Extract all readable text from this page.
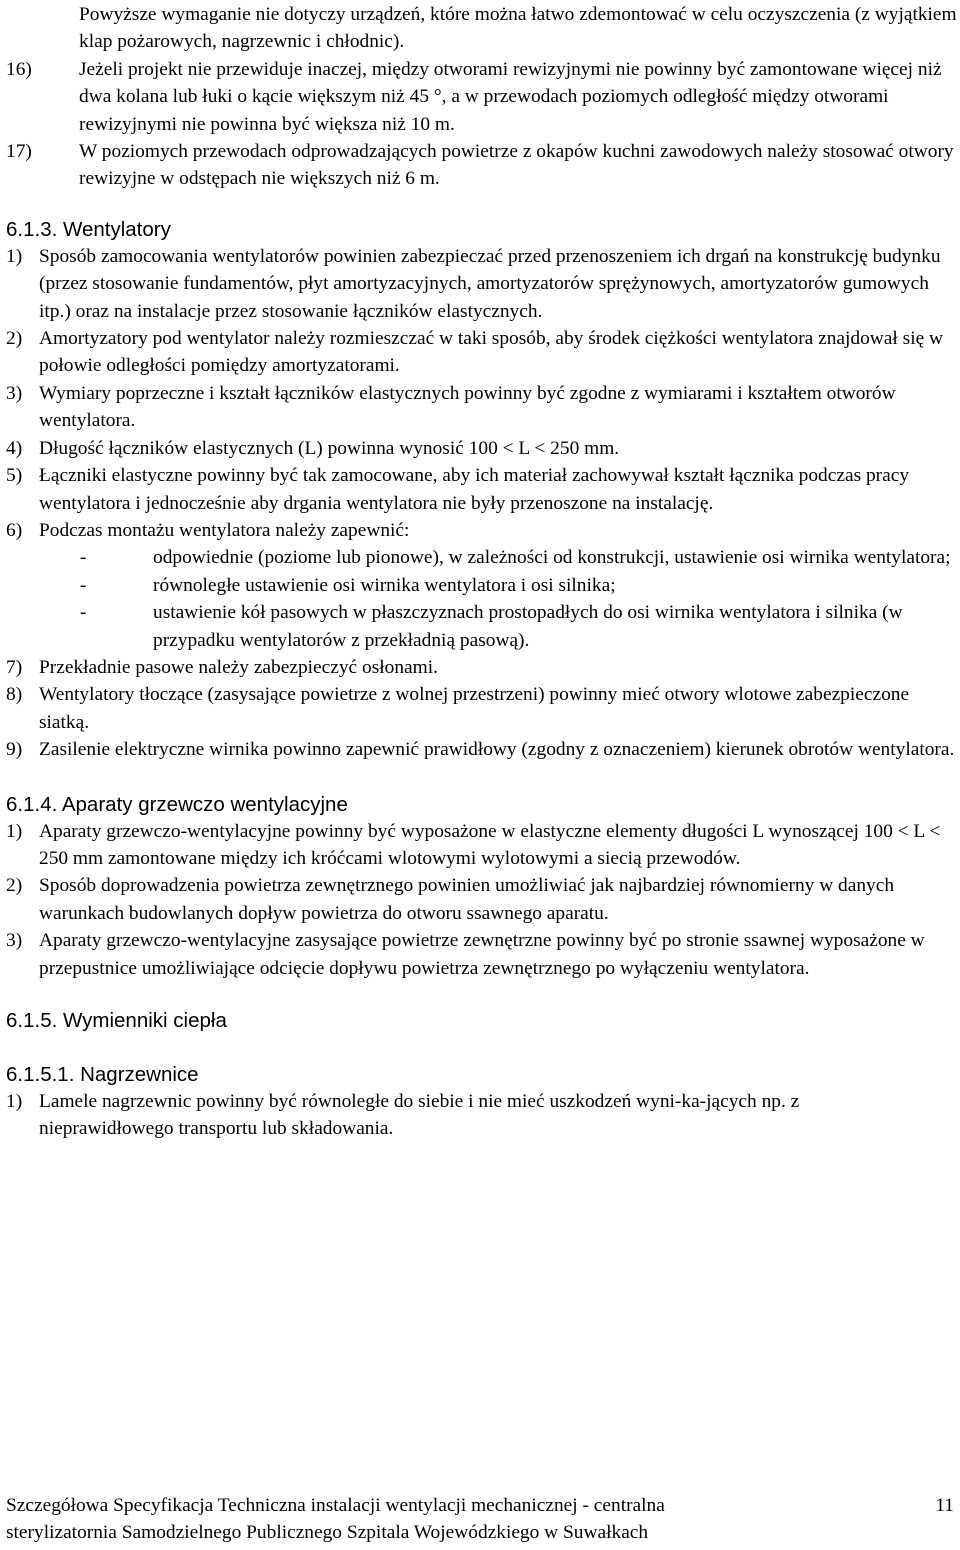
Powyższe wymaganie nie dotyczy urządzeń, które można łatwo zdemontować w celu oczyszczenia (z wyjątkiem klap pożarowych, nagrzewnic i chłodnic).

16) Jeżeli projekt nie przewiduje inaczej, między otworami rewizyjnymi nie powinny być zamontowane więcej niż dwa kolana lub łuki o kącie większym niż 45 °, a w przewodach poziomych odległość między otworami rewizyjnymi nie powinna być większa niż 10 m.

17) W poziomych przewodach odprowadzających powietrze z okapów kuchni zawodowych należy stosować otwory rewizyjne w odstępach nie większych niż 6 m.

6.1.3. Wentylatory

1) Sposób zamocowania wentylatorów powinien zabezpieczać przed przenoszeniem ich drgań na konstrukcję budynku (przez stosowanie fundamentów, płyt amortyzacyjnych, amortyzatorów sprężynowych, amortyzatorów gumowych itp.) oraz na instalacje przez stosowanie łączników elastycznych.

2) Amortyzatory pod wentylator należy rozmieszczać w taki sposób, aby środek ciężkości wentylatora znajdował się w połowie odległości pomiędzy amortyzatorami.

3) Wymiary poprzeczne i kształt łączników elastycznych powinny być zgodne z wymiarami i kształtem otworów wentylatora.

4) Długość łączników elastycznych (L) powinna wynosić 100 < L < 250 mm.

5) Łączniki elastyczne powinny być tak zamocowane, aby ich materiał zachowywał kształt łącznika podczas pracy wentylatora i jednocześnie aby drgania wentylatora nie były przenoszone na instalację.

6) Podczas montażu wentylatora należy zapewnić:

-	odpowiednie (poziome lub pionowe), w zależności od konstrukcji, ustawienie osi wirnika wentylatora;

-	równoległe ustawienie osi wirnika wentylatora i osi silnika;

-	ustawienie kół pasowych w płaszczyznach prostopadłych do osi wirnika wentylatora i silnika (w przypadku wentylatorów z przekładnią pasową).

7) Przekładnie pasowe należy zabezpieczyć osłonami.

8) Wentylatory tłoczące (zasysające powietrze z wolnej przestrzeni) powinny mieć otwory wlotowe zabezpieczone siatką.

9) Zasilenie elektryczne wirnika powinno zapewnić prawidłowy (zgodny z oznaczeniem) kierunek obrotów wentylatora.

6.1.4. Aparaty grzewczo wentylacyjne

1) Aparaty grzewczo-wentylacyjne powinny być wyposażone w elastyczne elementy długości L wynoszącej 100 < L < 250 mm zamontowane między ich króćcami wlotowymi wylotowymi a siecią przewodów.

2) Sposób doprowadzenia powietrza zewnętrznego powinien umożliwiać jak najbardziej równomierny w danych warunkach budowlanych dopływ powietrza do otworu ssawnego aparatu.

3) Aparaty grzewczo-wentylacyjne zasysające powietrze zewnętrzne powinny być po stronie ssawnej wyposażone w przepustnice umożliwiające odcięcie dopływu powietrza zewnętrznego po wyłączeniu wentylatora.

6.1.5. Wymienniki ciepła

6.1.5.1. Nagrzewnice

1) Lamele nagrzewnic powinny być równoległe do siebie i nie mieć uszkodzeń wyni-ka-jących np. z nieprawidłowego transportu lub składowania.

Szczegółowa Specyfikacja Techniczna instalacji wentylacji mechanicznej - centralna
sterylizatornia Samodzielnego Publicznego Szpitala Wojewódzkiego w Suwałkach
11
